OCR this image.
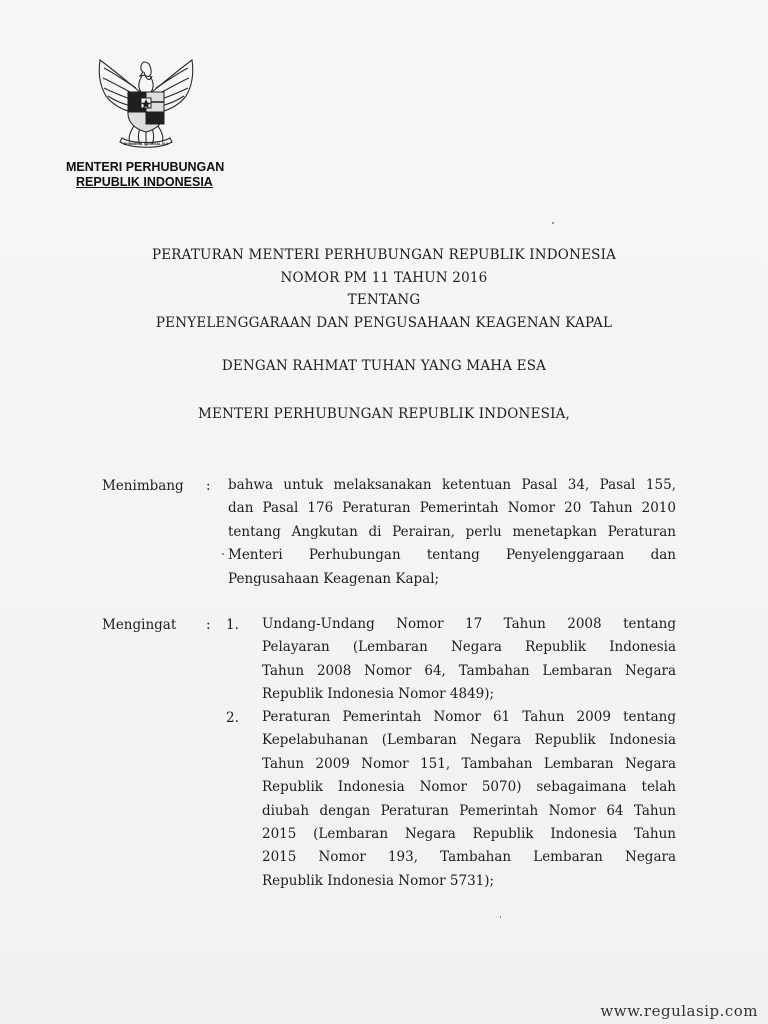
BHINNEKA TUNGGAL IKA
MENTERI PERHUBUNGAN
REPUBLIK INDONESIA
PERATURAN MENTERI PERHUBUNGAN REPUBLIK INDONESIA
NOMOR PM 11 TAHUN 2016
TENTANG
PENYELENGGARAAN DAN PENGUSAHAAN KEAGENAN KAPAL
DENGAN RAHMAT TUHAN YANG MAHA ESA
MENTERI PERHUBUNGAN REPUBLIK INDONESIA,
Menimbang : bahwa untuk melaksanakan ketentuan Pasal 34, Pasal 155,
dan Pasal 176 Peraturan Pemerintah Nomor 20 Tahun 2010
tentang Angkutan di Perairan, perlu menetapkan Peraturan
Menteri Perhubungan tentang Penyelenggaraan dan
Pengusahaan Keagenan Kapal;
Mengingat : 1. Undang-Undang Nomor 17 Tahun 2008 tentang
Pelayaran (Lembaran Negara Republik Indonesia
Tahun 2008 Nomor 64, Tambahan Lembaran Negara
Republik Indonesia Nomor 4849);
2. Peraturan Pemerintah Nomor 61 Tahun 2009 tentang
Kepelabuhanan (Lembaran Negara Republik Indonesia
Tahun 2009 Nomor 151, Tambahan Lembaran Negara
Republik Indonesia Nomor 5070) sebagaimana telah
diubah dengan Peraturan Pemerintah Nomor 64 Tahun
2015 (Lembaran Negara Republik Indonesia Tahun
2015 Nomor 193, Tambahan Lembaran Negara
Republik Indonesia Nomor 5731);
www.regulasip.com
